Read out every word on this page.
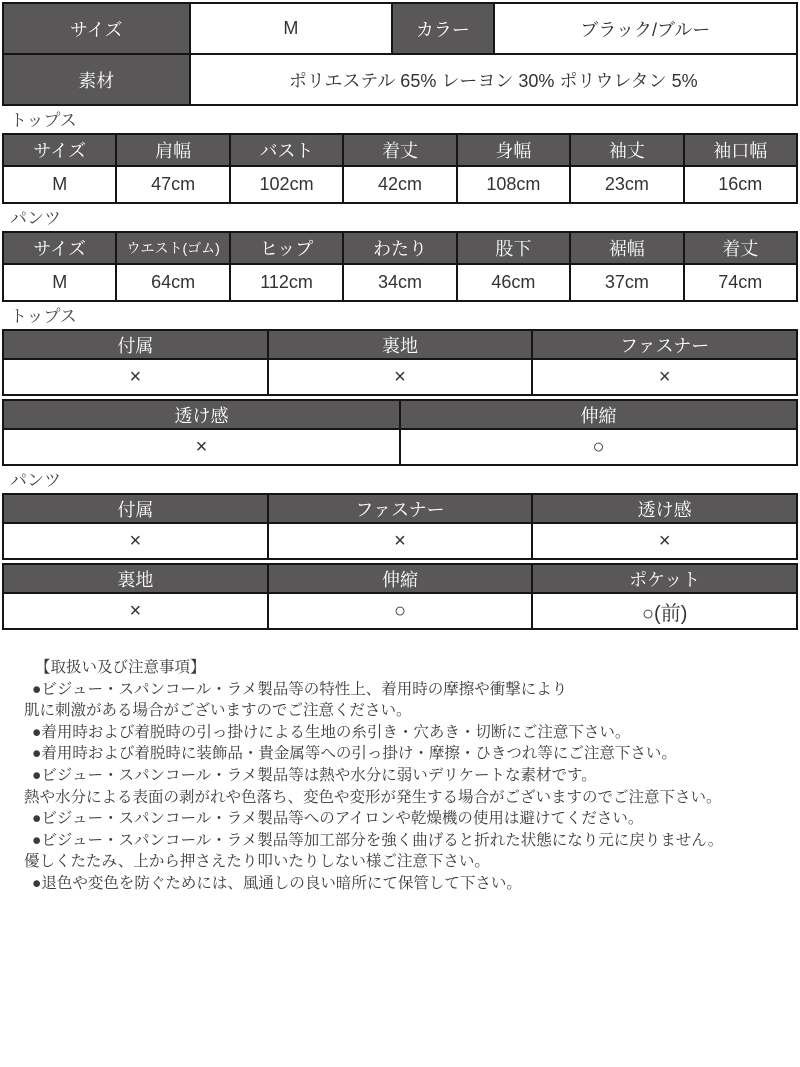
サイズ	M	カラー	ブラック/ブルー
素材	ポリエステル 65% レーヨン 30% ポリウレタン 5%		
トップス
サイズ	肩幅	バスト	着丈	身幅	袖丈	袖口幅
M	47cm	102cm	42cm	108cm	23cm	16cm
パンツ
サイズ	ウエスト(ゴム)	ヒップ	わたり	股下	裾幅	着丈
M	64cm	112cm	34cm	46cm	37cm	74cm
トップス
付属	裏地	ファスナー
×	×	×
透け感	伸縮
×	○
パンツ
付属	ファスナー	透け感
×	×	×
裏地	伸縮	ポケット
×	○	○(前)
【取扱い及び注意事項】
●ビジュー・スパンコール・ラメ製品等の特性上、着用時の摩擦や衝撃により
肌に刺激がある場合がございますのでご注意ください。
●着用時および着脱時の引っ掛けによる生地の糸引き・穴あき・切断にご注意下さい。
●着用時および着脱時に装飾品・貴金属等への引っ掛け・摩擦・ひきつれ等にご注意下さい。
●ビジュー・スパンコール・ラメ製品等は熱や水分に弱いデリケートな素材です。
熱や水分による表面の剥がれや色落ち、変色や変形が発生する場合がございますのでご注意下さい。
●ビジュー・スパンコール・ラメ製品等へのアイロンや乾燥機の使用は避けてください。
●ビジュー・スパンコール・ラメ製品等加工部分を強く曲げると折れた状態になり元に戻りません。
優しくたたみ、上から押さえたり叩いたりしない様ご注意下さい。
●退色や変色を防ぐためには、風通しの良い暗所にて保管して下さい。
